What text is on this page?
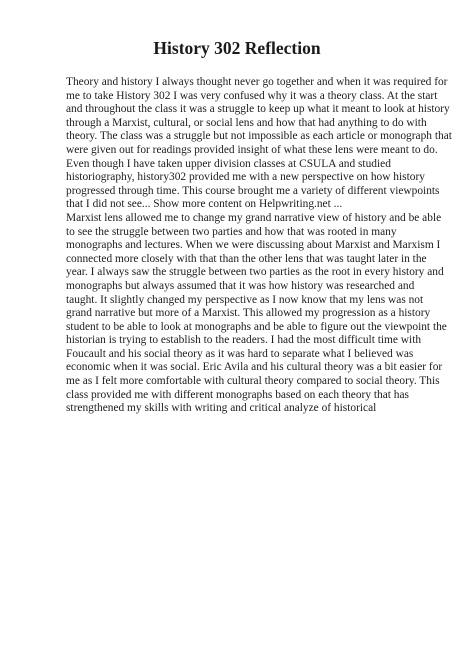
History 302 Reflection

Theory and history I always thought never go together and when it was required for
me to take History 302 I was very confused why it was a theory class. At the start
and throughout the class it was a struggle to keep up what it meant to look at history
through a Marxist, cultural, or social lens and how that had anything to do with
theory. The class was a struggle but not impossible as each article or monograph that
were given out for readings provided insight of what these lens were meant to do.
Even though I have taken upper division classes at CSULA and studied
historiography, history302 provided me with a new perspective on how history
progressed through time. This course brought me a variety of different viewpoints
that I did not see... Show more content on Helpwriting.net ...

Marxist lens allowed me to change my grand narrative view of history and be able
to see the struggle between two parties and how that was rooted in many
monographs and lectures. When we were discussing about Marxist and Marxism I
connected more closely with that than the other lens that was taught later in the
year. I always saw the struggle between two parties as the root in every history and
monographs but always assumed that it was how history was researched and
taught. It slightly changed my perspective as I now know that my lens was not
grand narrative but more of a Marxist. This allowed my progression as a history
student to be able to look at monographs and be able to figure out the viewpoint the
historian is trying to establish to the readers. I had the most difficult time with
Foucault and his social theory as it was hard to separate what I believed was
economic when it was social. Eric Avila and his cultural theory was a bit easier for
me as I felt more comfortable with cultural theory compared to social theory. This
class provided me with different monographs based on each theory that has
strengthened my skills with writing and critical analyze of historical
